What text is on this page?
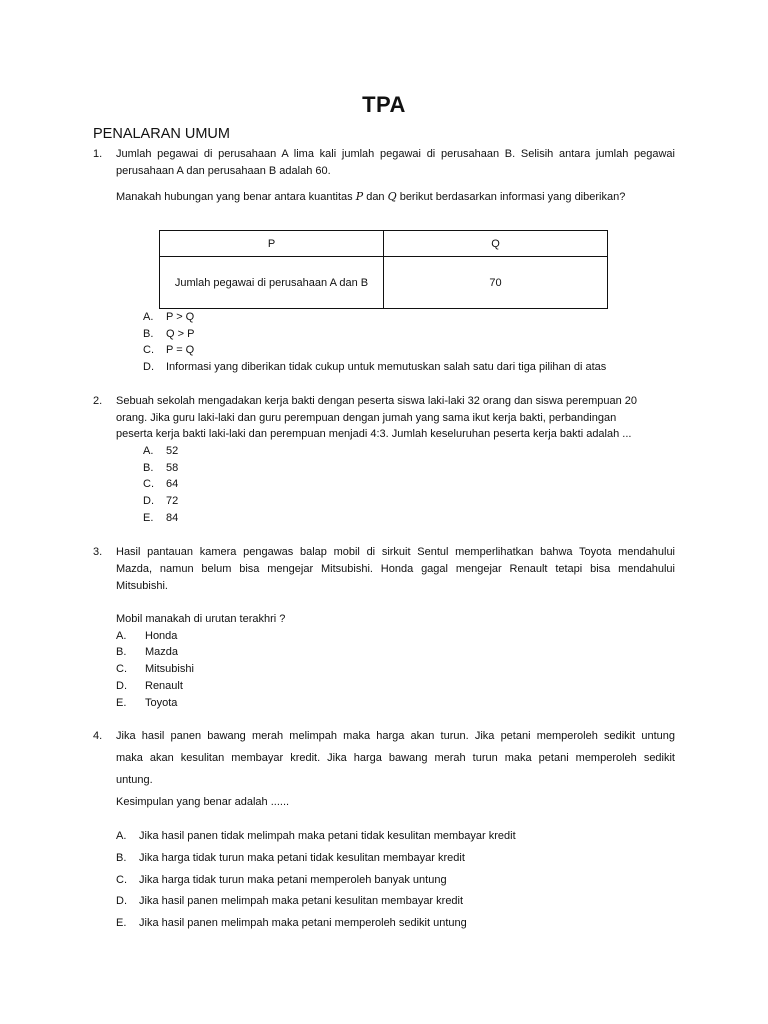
TPA
PENALARAN UMUM
1. Jumlah pegawai di perusahaan A lima kali jumlah pegawai di perusahaan B. Selisih antara jumlah pegawai
perusahaan A dan perusahaan B adalah 60.
Manakah hubungan yang benar antara kuantitas P dan Q berikut berdasarkan informasi yang diberikan?
P	Q
Jumlah pegawai di perusahaan A dan B	70
A. P > Q
B. Q > P
C. P = Q
D. Informasi yang diberikan tidak cukup untuk memutuskan salah satu dari tiga pilihan di atas
2. Sebuah sekolah mengadakan kerja bakti dengan peserta siswa laki-laki 32 orang dan siswa perempuan 20
orang. Jika guru laki-laki dan guru perempuan dengan jumah yang sama ikut kerja bakti, perbandingan
peserta kerja bakti laki-laki dan perempuan menjadi 4:3. Jumlah keseluruhan peserta kerja bakti adalah ...
A. 52
B. 58
C. 64
D. 72
E. 84
3. Hasil pantauan kamera pengawas balap mobil di sirkuit Sentul memperlihatkan bahwa Toyota mendahului
Mazda, namun belum bisa mengejar Mitsubishi. Honda gagal mengejar Renault tetapi bisa mendahului
Mitsubishi.
Mobil manakah di urutan terakhri ?
A. Honda
B. Mazda
C. Mitsubishi
D. Renault
E. Toyota
4. Jika hasil panen bawang merah melimpah maka harga akan turun. Jika petani memperoleh sedikit untung
maka akan kesulitan membayar kredit. Jika harga bawang merah turun maka petani memperoleh sedikit
untung.
Kesimpulan yang benar adalah ......
A. Jika hasil panen tidak melimpah maka petani tidak kesulitan membayar kredit
B. Jika harga tidak turun maka petani tidak kesulitan membayar kredit
C. Jika harga tidak turun maka petani memperoleh banyak untung
D. Jika hasil panen melimpah maka petani kesulitan membayar kredit
E. Jika hasil panen melimpah maka petani memperoleh sedikit untung
